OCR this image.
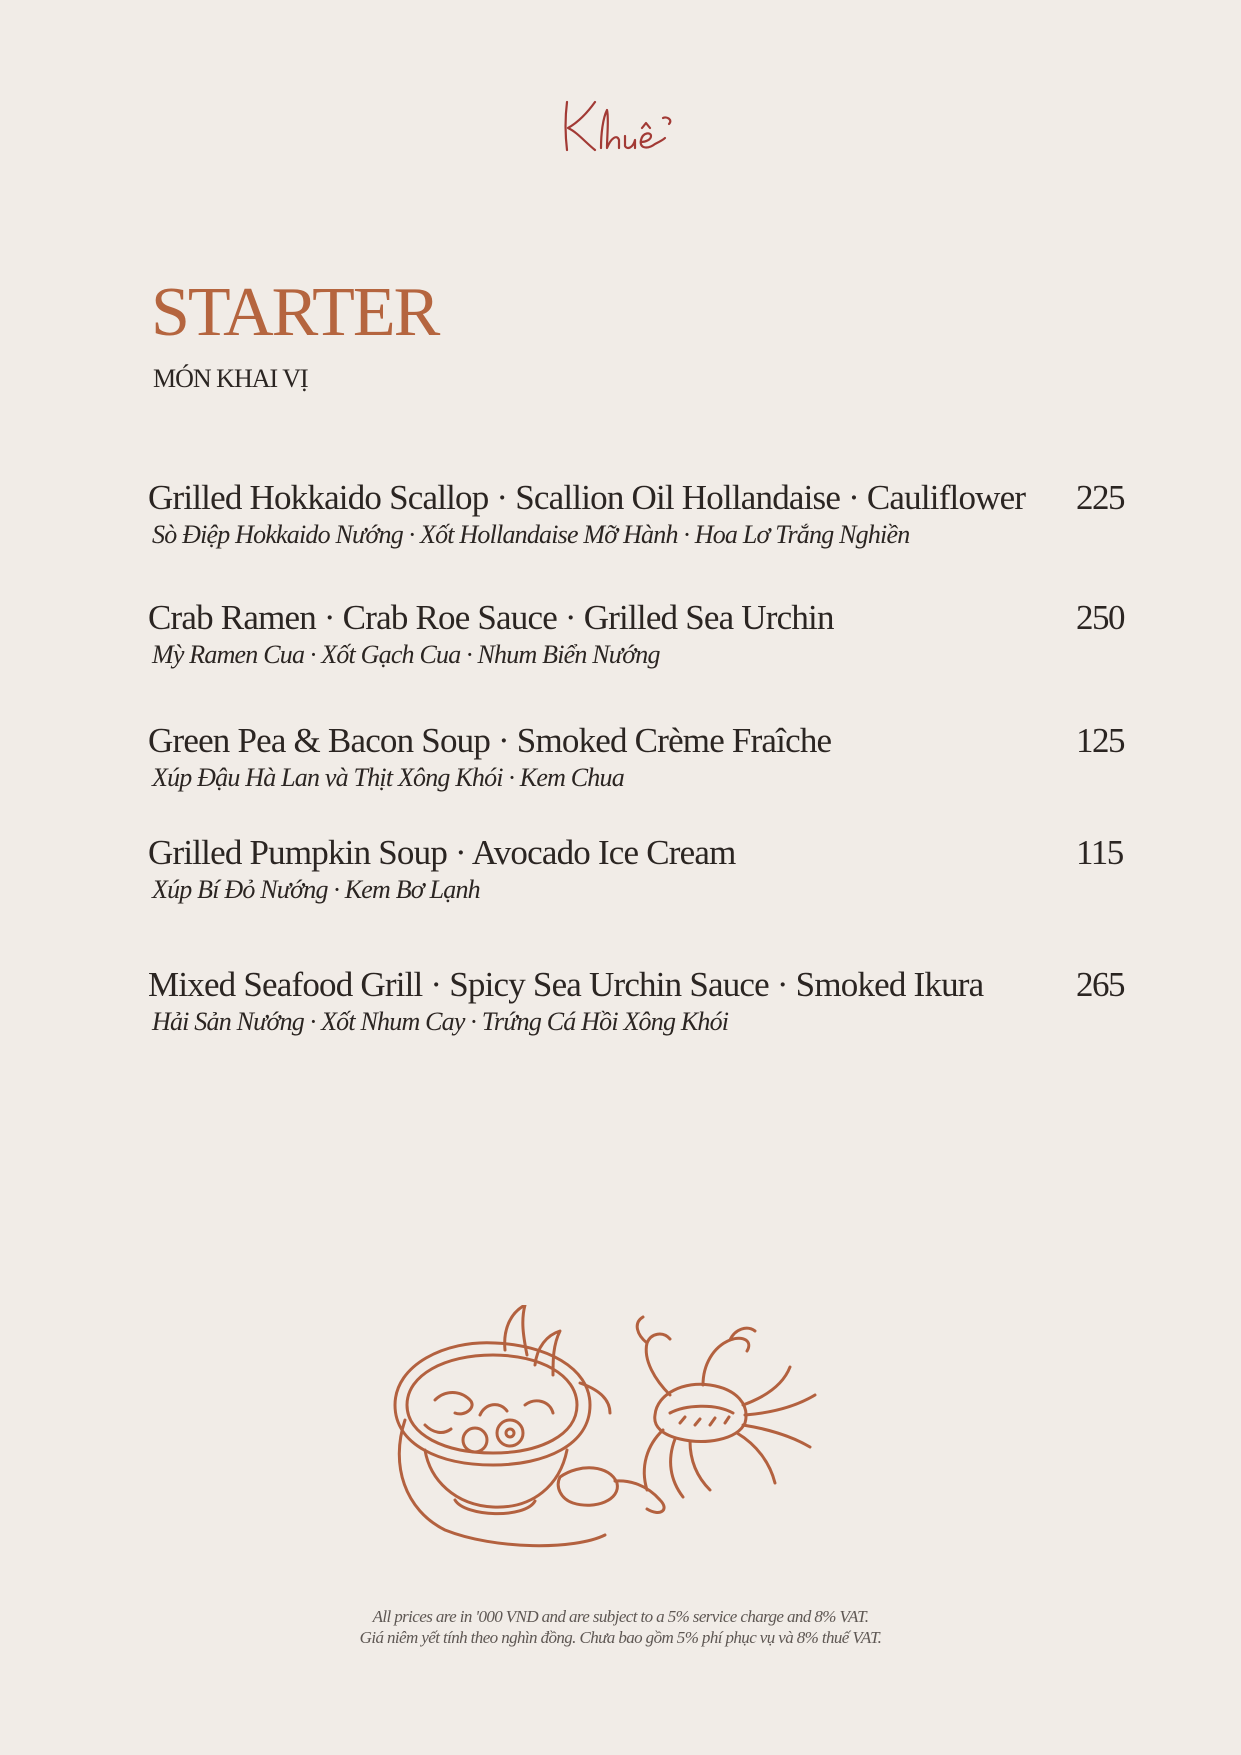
STARTER
MÓN KHAI VỊ
Grilled Hokkaido Scallop · Scallion Oil Hollandaise · Cauliflower
Sò Điệp Hokkaido Nướng · Xốt Hollandaise Mỡ Hành · Hoa Lơ Trắng Nghiền
225
Crab Ramen · Crab Roe Sauce · Grilled Sea Urchin
Mỳ Ramen Cua · Xốt Gạch Cua · Nhum Biển Nướng
250
Green Pea & Bacon Soup · Smoked Crème Fraîche
Xúp Đậu Hà Lan và Thịt Xông Khói · Kem Chua
125
Grilled Pumpkin Soup · Avocado Ice Cream
Xúp Bí Đỏ Nướng · Kem Bơ Lạnh
115
Mixed Seafood Grill · Spicy Sea Urchin Sauce · Smoked Ikura
Hải Sản Nướng · Xốt Nhum Cay · Trứng Cá Hồi Xông Khói
265
All prices are in '000 VND and are subject to a 5% service charge and 8% VAT.
Giá niêm yết tính theo nghìn đồng. Chưa bao gồm 5% phí phục vụ và 8% thuế VAT.
